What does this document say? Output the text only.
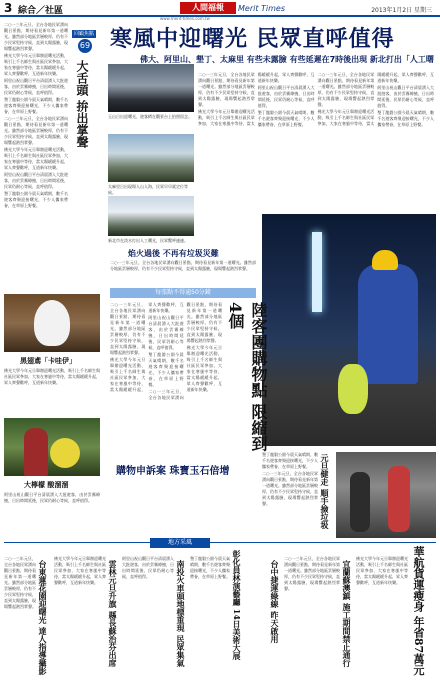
3 綜合／社區	人間福報	Merit Times	2013年1月2日 星期三
www.merit-times.com.tw

二○一三年元旦，全台各地民眾湧向觀日景點，期待看見新年第一道曙光。雖然部分地區雲層較厚，仍有不少民眾堅持守候，直到太陽露臉，現場響起熱烈掌聲。

佛光大學今年元旦舉辦迎曙光活動，吸引上千名師生與社區民眾參加，大家在寒風中等待，當太陽緩緩升起，眾人齊聲歡呼，互道新年快樂。

阿里山祝山觀日平台清晨湧入大批遊客，由於雲霧繚繞，日出時間延後，民眾仍耐心等候，直呼值得。

墾丁龍磐公園今晨天氣晴朗，數千名遊客齊聚迎接曙光，不少人攜家帶眷，在草原上野餐。

二○一三年元旦，全台各地民眾湧向觀日景點，期待看見新年第一道曙光。雖然部分地區雲層較厚，仍有不少民眾堅持守候，直到太陽露臉，現場響起熱烈掌聲。

佛光大學今年元旦舉辦迎曙光活動，吸引上千名師生與社區民眾參加，大家在寒風中等待，當太陽緩緩升起，眾人齊聲歡呼，互道新年快樂。

阿里山祝山觀日平台清晨湧入大批遊客，由於雲霧繚繞，日出時間延後，民眾仍耐心等候，直呼值得。

墾丁龍磐公園今晨天氣晴朗，數千名遊客齊聚迎接曙光，不少人攜家帶眷，在草原上野餐。

回顧焦點
69
大舌頭 拚出掌聲
寒風中迎曙光 民眾直呼值得
佛大、阿里山、墾丁、太麻里 有些未露臉 有些延遲在7時後出現 新北打出「人工曙
玉山日出迎曙光，遊客擠在觀景台上拍照留念。
太麻里日出現場人山人海，民眾早早就定位等候。
新北市在淡水打出人工曙光，民眾驚呼連連。

二○一三年元旦，全台各地民眾湧向觀日景點，期待看見新年第一道曙光。雖然部分地區雲層較厚，仍有不少民眾堅持守候，直到太陽露臉，現場響起熱烈掌聲。

佛光大學今年元旦舉辦迎曙光活動，吸引上千名師生與社區民眾參加，大家在寒風中等待，當太陽緩緩升起，眾人齊聲歡呼，互道新年快樂。

阿里山祝山觀日平台清晨湧入大批遊客，由於雲霧繚繞，日出時間延後，民眾仍耐心等候，直呼值得。

墾丁龍磐公園今晨天氣晴朗，數千名遊客齊聚迎接曙光，不少人攜家帶眷，在草原上野餐。

二○一三年元旦，全台各地民眾湧向觀日景點，期待看見新年第一道曙光。雖然部分地區雲層較厚，仍有不少民眾堅持守候，直到太陽露臉，現場響起熱烈掌聲。

佛光大學今年元旦舉辦迎曙光活動，吸引上千名師生與社區民眾參加，大家在寒風中等待，當太陽緩緩升起，眾人齊聲歡呼，互道新年快樂。

阿里山祝山觀日平台清晨湧入大批遊客，由於雲霧繚繞，日出時間延後，民眾仍耐心等候，直呼值得。

墾丁龍磐公園今晨天氣晴朗，數千名遊客齊聚迎接曙光，不少人攜家帶眷，在草原上野餐。

焰火過後 不再有垃圾災難

二○一三年元旦，全台各地民眾湧向觀日景點，期待看見新年第一道曙光。雖然部分地區雲層較厚，仍有不少民眾堅持守候，直到太陽露臉，現場響起熱烈掌聲。

每張點不得逾50分鐘
陸客團購物點 限縮到4個

二○一三年元旦，全台各地民眾湧向觀日景點，期待看見新年第一道曙光。雖然部分地區雲層較厚，仍有不少民眾堅持守候，直到太陽露臉，現場響起熱烈掌聲。

佛光大學今年元旦舉辦迎曙光活動，吸引上千名師生與社區民眾參加，大家在寒風中等待，當太陽緩緩升起，眾人齊聲歡呼，互道新年快樂。

阿里山祝山觀日平台清晨湧入大批遊客，由於雲霧繚繞，日出時間延後，民眾仍耐心等候，直呼值得。

墾丁龍磐公園今晨天氣晴朗，數千名遊客齊聚迎接曙光，不少人攜家帶眷，在草原上野餐。

二○一三年元旦，全台各地民眾湧向觀日景點，期待看見新年第一道曙光。雖然部分地區雲層較厚，仍有不少民眾堅持守候，直到太陽露臉，現場響起熱烈掌聲。

佛光大學今年元旦舉辦迎曙光活動，吸引上千名師生與社區民眾參加，大家在寒風中等待，當太陽緩緩升起，眾人齊聲歡呼，互道新年快樂。

購物申訴案 珠寶玉石倍增
黑翅鳶「卡哇伊」

佛光大學今年元旦舉辦迎曙光活動，吸引上千名師生與社區民眾參加，大家在寒風中等待，當太陽緩緩升起，眾人齊聲歡呼，互道新年快樂。

大檸檬 酸溜溜

阿里山祝山觀日平台清晨湧入大批遊客，由於雲霧繚繞，日出時間延後，民眾仍耐心等候，直呼值得。

墾丁龍磐公園今晨天氣晴朗，數千名遊客齊聚迎接曙光，不少人攜家帶眷，在草原上野餐。

二○一三年元旦，全台各地民眾湧向觀日景點，期待看見新年第一道曙光。雖然部分地區雲層較厚，仍有不少民眾堅持守候，直到太陽露臉，現場響起熱烈掌聲。	元旦健走 順手撿垃圾
地方采風
台東蓮花園迎曙光 達人指導攝影	雲林元旦升旗 縣長蘇治芬出席	南投火車頭地標重現 民眾集氣	彰化員林演藝廳 14日美術大展	台中捷運綠線 昨天啟用	宜蘭蘇澳鎮 施工期間禁止通行	華航貨運瘦身 年省87萬元

二○一三年元旦，全台各地民眾湧向觀日景點，期待看見新年第一道曙光。雖然部分地區雲層較厚，仍有不少民眾堅持守候，直到太陽露臉，現場響起熱烈掌聲。

佛光大學今年元旦舉辦迎曙光活動，吸引上千名師生與社區民眾參加，大家在寒風中等待，當太陽緩緩升起，眾人齊聲歡呼，互道新年快樂。

阿里山祝山觀日平台清晨湧入大批遊客，由於雲霧繚繞，日出時間延後，民眾仍耐心等候，直呼值得。

墾丁龍磐公園今晨天氣晴朗，數千名遊客齊聚迎接曙光，不少人攜家帶眷，在草原上野餐。

二○一三年元旦，全台各地民眾湧向觀日景點，期待看見新年第一道曙光。雖然部分地區雲層較厚，仍有不少民眾堅持守候，直到太陽露臉，現場響起熱烈掌聲。

佛光大學今年元旦舉辦迎曙光活動，吸引上千名師生與社區民眾參加，大家在寒風中等待，當太陽緩緩升起，眾人齊聲歡呼，互道新年快樂。
